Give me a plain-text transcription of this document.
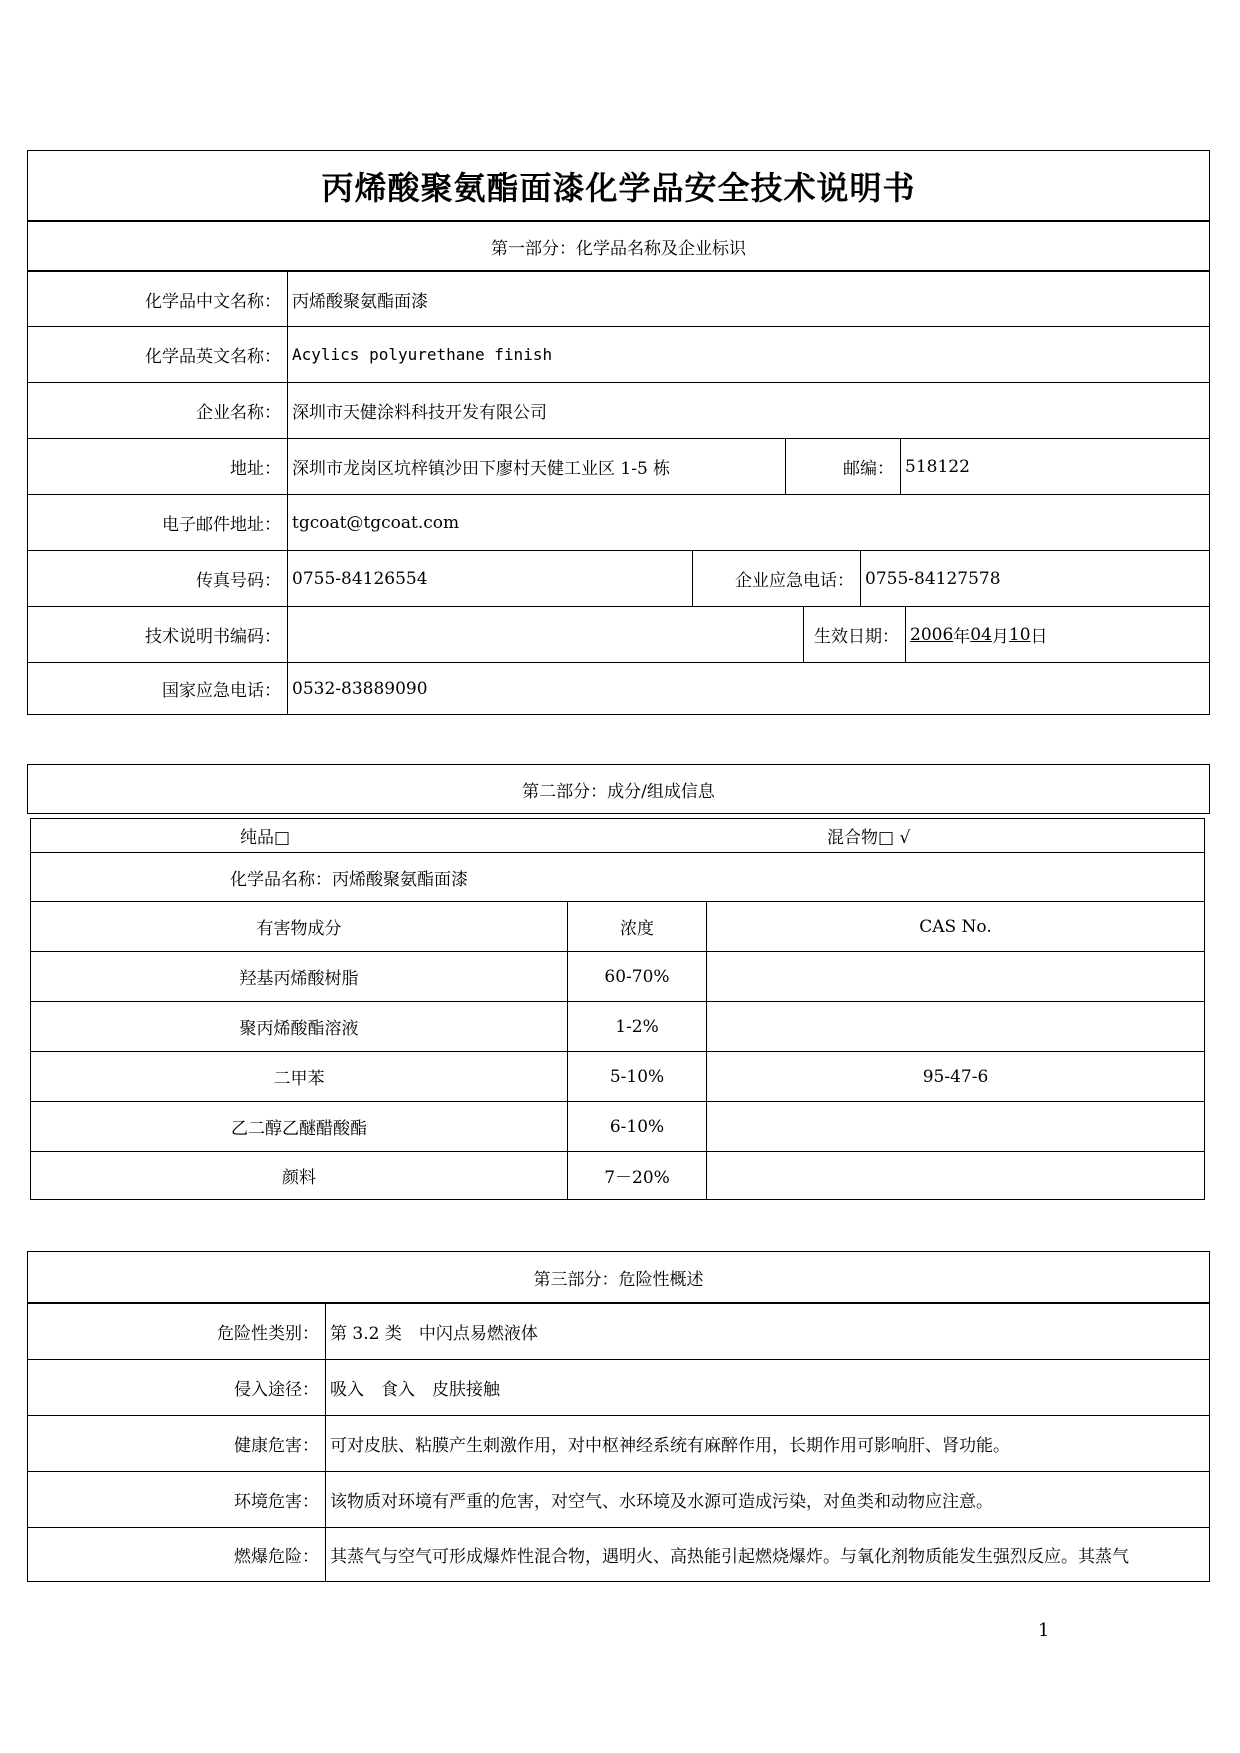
丙烯酸聚氨酯面漆化学品安全技术说明书
第一部分：化学品名称及企业标识
化学品中文名称： 丙烯酸聚氨酯面漆
化学品英文名称： Acylics polyurethane finish
企业名称： 深圳市天健涂料科技开发有限公司
地址： 深圳市龙岗区坑梓镇沙田下廖村天健工业区 1-5 栋	邮编： 518122
电子邮件地址： tgcoat@tgcoat.com
传真号码： 0755-84126554	企业应急电话： 0755-84127578
技术说明书编码：	生效日期： 2006 年 04 月 10 日
国家应急电话： 0532-83889090
第二部分：成分/组成信息
纯品□	混合物□ √
化学品名称：丙烯酸聚氨酯面漆
有害物成分	浓度	CAS No.
羟基丙烯酸树脂	60-70%
聚丙烯酸酯溶液	1-2%
二甲苯	5-10%	95-47-6
乙二醇乙醚醋酸酯	6-10%
颜料	7－20%
第三部分：危险性概述
危险性类别： 第 3.2 类　中闪点易燃液体
侵入途径： 吸入　食入　皮肤接触
健康危害： 可对皮肤、粘膜产生刺激作用，对中枢神经系统有麻醉作用，长期作用可影响肝、肾功能。
环境危害： 该物质对环境有严重的危害，对空气、水环境及水源可造成污染，对鱼类和动物应注意。
燃爆危险： 其蒸气与空气可形成爆炸性混合物，遇明火、高热能引起燃烧爆炸。与氧化剂物质能发生强烈反应。其蒸气
1
